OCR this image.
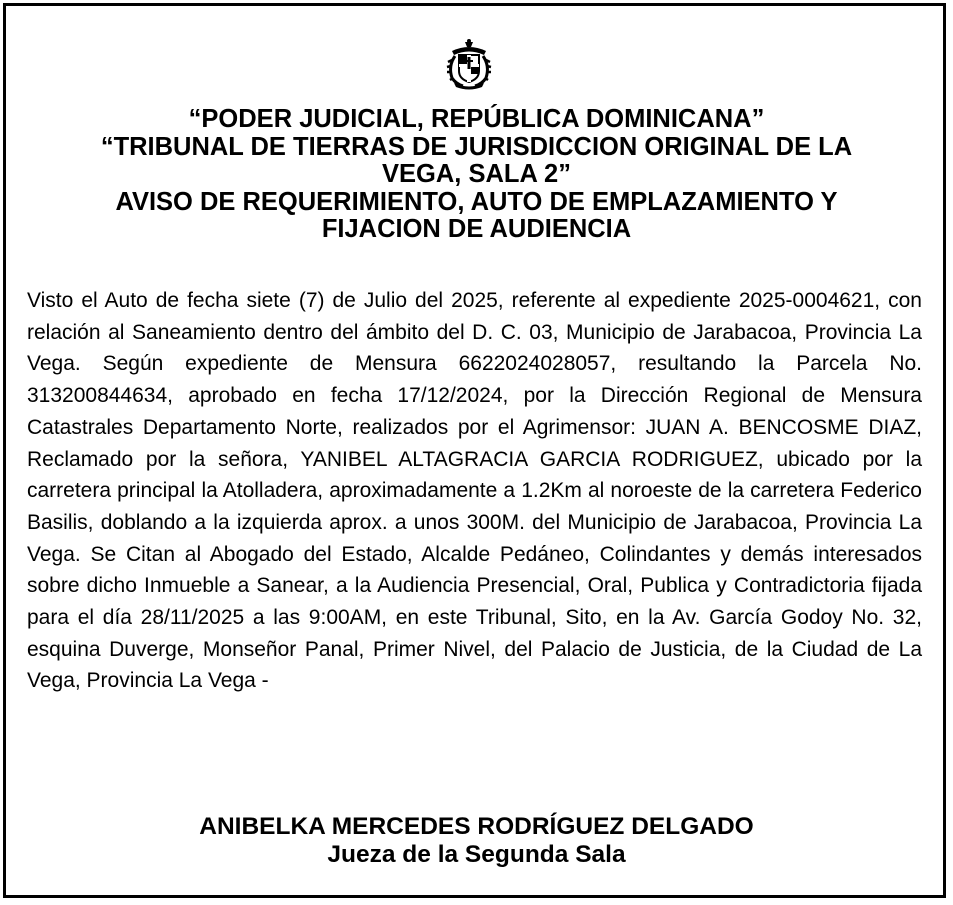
“PODER JUDICIAL, REPÚBLICA DOMINICANA”
“TRIBUNAL DE TIERRAS DE JURISDICCION ORIGINAL DE LA
VEGA, SALA 2”
AVISO DE REQUERIMIENTO, AUTO DE EMPLAZAMIENTO Y
FIJACION DE AUDIENCIA

Visto el Auto de fecha siete (7) de Julio del 2025, referente al expediente 2025-0004621, con relación al Saneamiento dentro del ámbito del D. C. 03, Municipio de Jarabacoa, Provincia La Vega. Según expediente de Mensura 6622024028057, resultando la Parcela No. 313200844634, aprobado en fecha 17/12/2024, por la Dirección Regional de Mensura Catastrales Departamento Norte, realizados por el Agrimensor: JUAN A. BENCOSME DIAZ, Reclamado por la señora, YANIBEL ALTAGRACIA GARCIA RODRIGUEZ, ubicado por la carretera principal la Atolladera, aproximadamente a 1.2Km al noroeste de la carretera Federico Basilis, doblando a la izquierda aprox. a unos 300M. del Municipio de Jarabacoa, Provincia La Vega. Se Citan al Abogado del Estado, Alcalde Pedáneo, Colindantes y demás interesados sobre dicho Inmueble a Sanear, a la Audiencia Presencial, Oral, Publica y Contradictoria fijada para el día 28/11/2025 a las 9:00AM, en este Tribunal, Sito, en la Av. García Godoy No. 32, esquina Duverge, Monseñor Panal, Primer Nivel, del Palacio de Justicia, de la Ciudad de La Vega, Provincia La Vega -

ANIBELKA MERCEDES RODRÍGUEZ DELGADO
Jueza de la Segunda Sala
